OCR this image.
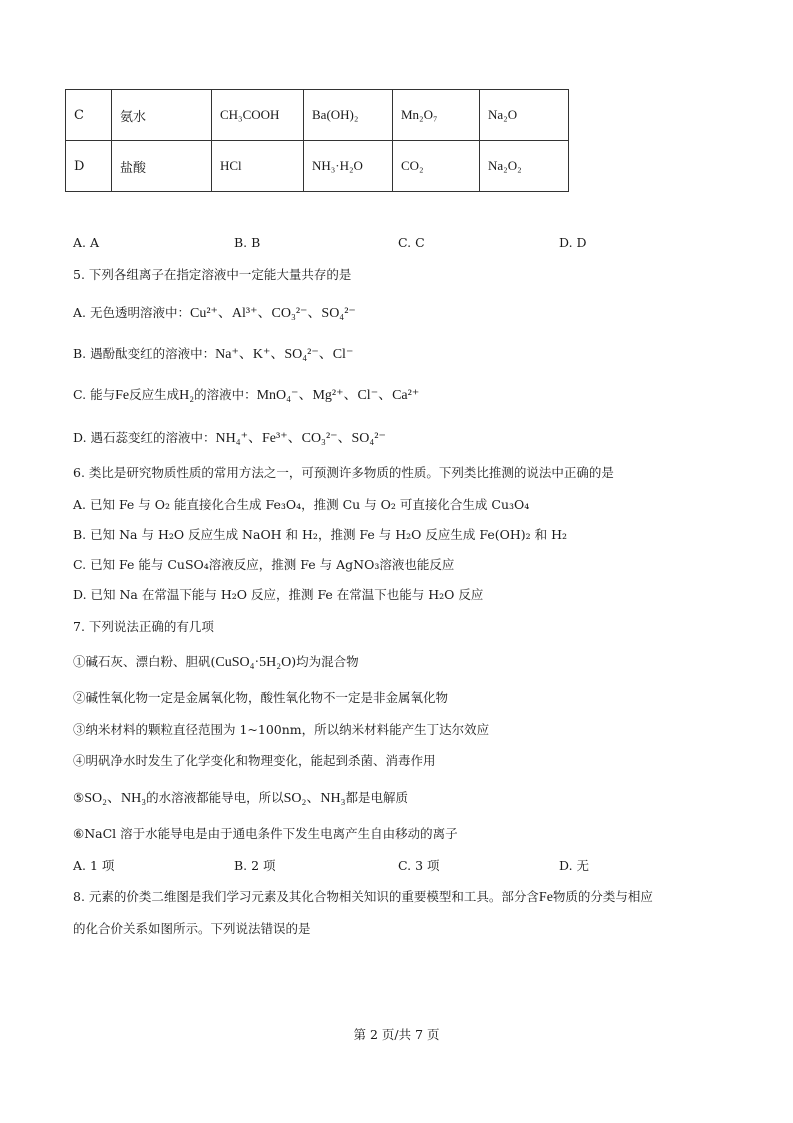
C	氨水	CH₃COOH	Ba(OH)₂	Mn₂O₇	Na₂O
D	盐酸	HCl	NH₃·H₂O	CO₂	Na₂O₂
A. A	B. B	C. C	D. D
5. 下列各组离子在指定溶液中一定能大量共存的是
A. 无色透明溶液中：Cu²⁺、Al³⁺、CO₃²⁻、SO₄²⁻
B. 遇酚酞变红的溶液中：Na⁺、K⁺、SO₄²⁻、Cl⁻
C. 能与Fe反应生成H₂的溶液中：MnO₄⁻、Mg²⁺、Cl⁻、Ca²⁺
D. 遇石蕊变红的溶液中：NH₄⁺、Fe³⁺、CO₃²⁻、SO₄²⁻
6. 类比是研究物质性质的常用方法之一，可预测许多物质的性质。下列类比推测的说法中正确的是
A. 已知 Fe 与 O₂ 能直接化合生成 Fe₃O₄，推测 Cu 与 O₂ 可直接化合生成 Cu₃O₄
B. 已知 Na 与 H₂O 反应生成 NaOH 和 H₂，推测 Fe 与 H₂O 反应生成 Fe(OH)₂ 和 H₂
C. 已知 Fe 能与 CuSO₄溶液反应，推测 Fe 与 AgNO₃溶液也能反应
D. 已知 Na 在常温下能与 H₂O 反应，推测 Fe 在常温下也能与 H₂O 反应
7. 下列说法正确的有几项
①碱石灰、漂白粉、胆矾(CuSO₄·5H₂O)均为混合物
②碱性氧化物一定是金属氧化物，酸性氧化物不一定是非金属氧化物
③纳米材料的颗粒直径范围为 1~100nm，所以纳米材料能产生丁达尔效应
④明矾净水时发生了化学变化和物理变化，能起到杀菌、消毒作用
⑤SO₂、NH₃的水溶液都能导电，所以SO₂、NH₃都是电解质
⑥NaCl 溶于水能导电是由于通电条件下发生电离产生自由移动的离子
A. 1 项	B. 2 项	C. 3 项	D. 无
8. 元素的价类二维图是我们学习元素及其化合物相关知识的重要模型和工具。部分含Fe物质的分类与相应
的化合价关系如图所示。下列说法错误的是
第 2 页/共 7 页
